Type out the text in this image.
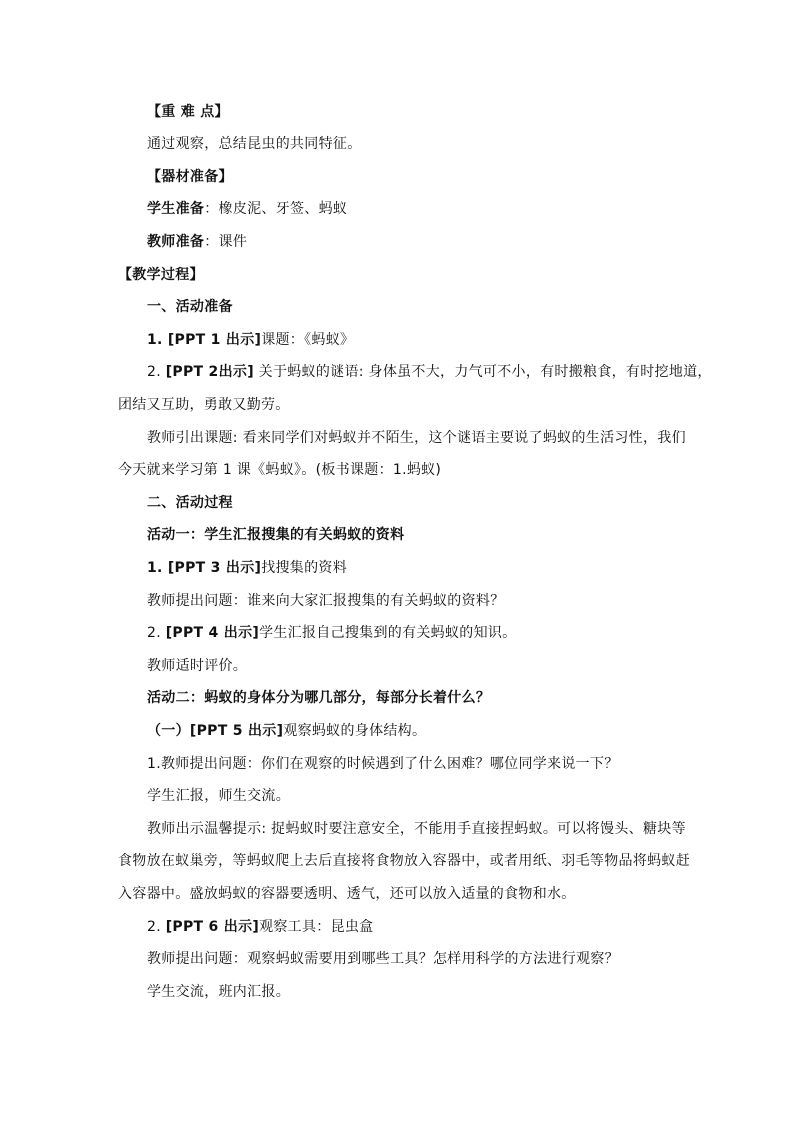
【重 难 点】
通过观察，总结昆虫的共同特征。
【器材准备】
学生准备：橡皮泥、牙签、蚂蚁
教师准备：课件
【教学过程】
一、活动准备
1. [PPT 1 出示]课题：《蚂蚁》
2. [PPT 2出示] 关于蚂蚁的谜语: 身体虽不大，力气可不小，有时搬粮食，有时挖地道，
团结又互助，勇敢又勤劳。
教师引出课题: 看来同学们对蚂蚁并不陌生，这个谜语主要说了蚂蚁的生活习性，我们
今天就来学习第 1 课《蚂蚁》。(板书课题：1.蚂蚁)
二、活动过程
活动一：学生汇报搜集的有关蚂蚁的资料
1. [PPT 3 出示]找搜集的资料
教师提出问题：谁来向大家汇报搜集的有关蚂蚁的资料？
2. [PPT 4 出示]学生汇报自己搜集到的有关蚂蚁的知识。
教师适时评价。
活动二：蚂蚁的身体分为哪几部分，每部分长着什么？
（一）[PPT 5 出示]观察蚂蚁的身体结构。
1.教师提出问题：你们在观察的时候遇到了什么困难？哪位同学来说一下？
学生汇报，师生交流。
教师出示温馨提示: 捉蚂蚁时要注意安全，不能用手直接捏蚂蚁。可以将馒头、糖块等
食物放在蚁巢旁，等蚂蚁爬上去后直接将食物放入容器中，或者用纸、羽毛等物品将蚂蚁赶
入容器中。盛放蚂蚁的容器要透明、透气，还可以放入适量的食物和水。
2. [PPT 6 出示]观察工具：昆虫盒
教师提出问题：观察蚂蚁需要用到哪些工具？怎样用科学的方法进行观察？
学生交流，班内汇报。
